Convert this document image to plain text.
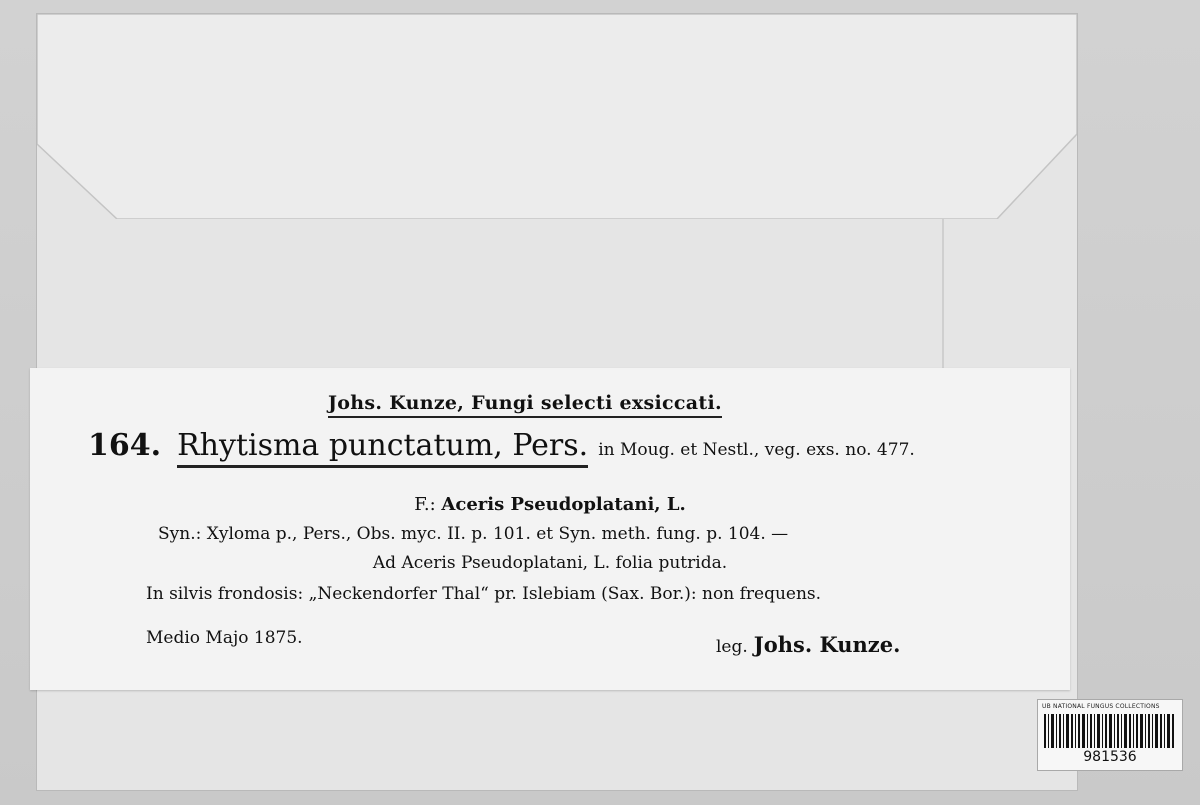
Johs. Kunze, Fungi selecti exsiccati.
164. Rhytisma punctatum, Pers. in Moug. et Nestl., veg. exs. no. 477.
F.: Aceris Pseudoplatani, L.
Syn.: Xyloma p., Pers., Obs. myc. II. p. 101. et Syn. meth. fung. p. 104. —
Ad Aceris Pseudoplatani, L. folia putrida.
In silvis frondosis: „Neckendorfer Thal“ pr. Islebiam (Sax. Bor.): non frequens.
Medio Majo 1875.	leg. Johs. Kunze.
UB NATIONAL FUNGUS COLLECTIONS
981536
